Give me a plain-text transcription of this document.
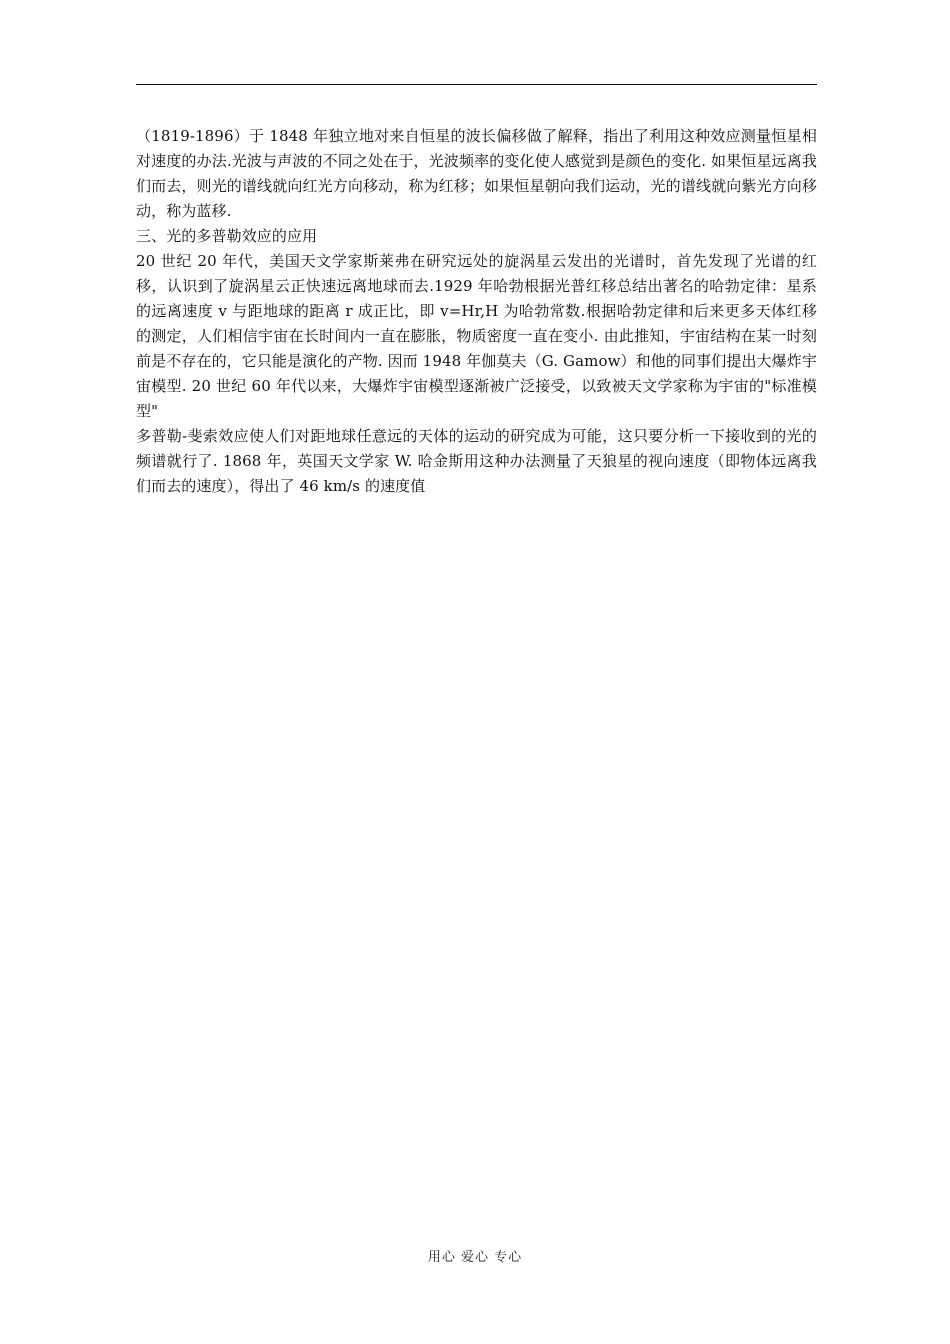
（1819-1896）于 1848 年独立地对来自恒星的波长偏移做了解释，指出了利用这种效应测量恒星相对速度的办法.光波与声波的不同之处在于，光波频率的变化使人感觉到是颜色的变化. 如果恒星远离我们而去，则光的谱线就向红光方向移动，称为红移；如果恒星朝向我们运动，光的谱线就向紫光方向移动，称为蓝移.

三、光的多普勒效应的应用

20 世纪 20 年代，美国天文学家斯莱弗在研究远处的旋涡星云发出的光谱时，首先发现了光谱的红移，认识到了旋涡星云正快速远离地球而去.1929 年哈勃根据光普红移总结出著名的哈勃定律：星系的远离速度 v 与距地球的距离 r 成正比，即 v=Hr,H 为哈勃常数.根据哈勃定律和后来更多天体红移的测定，人们相信宇宙在长时间内一直在膨胀，物质密度一直在变小. 由此推知，宇宙结构在某一时刻前是不存在的，它只能是演化的产物. 因而 1948 年伽莫夫（G. Gamow）和他的同事们提出大爆炸宇宙模型. 20 世纪 60 年代以来，大爆炸宇宙模型逐渐被广泛接受，以致被天文学家称为宇宙的"标准模型"

多普勒-斐索效应使人们对距地球任意远的天体的运动的研究成为可能，这只要分析一下接收到的光的频谱就行了. 1868 年，英国天文学家 W. 哈金斯用这种办法测量了天狼星的视向速度（即物体远离我们而去的速度），得出了 46 km/s 的速度值

用心 爱心 专心
